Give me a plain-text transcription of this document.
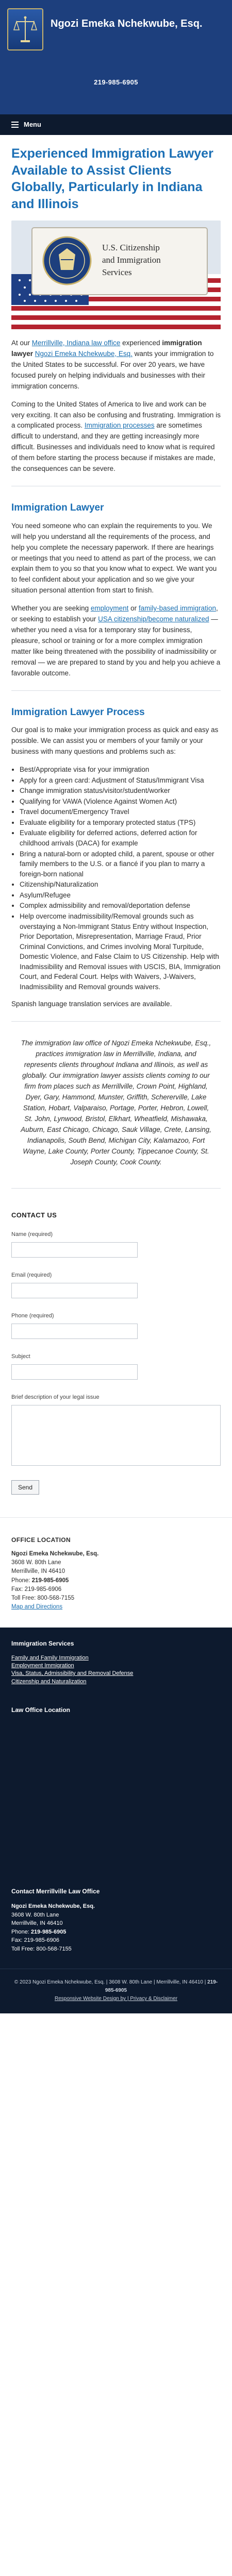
Ngozi Emeka Nchekwube, Esq.
219-985-6905
Menu
Experienced Immigration Lawyer Available to Assist Clients Globally, Particularly in Indiana and Illinois
U.S. Citizenship and Immigration Services

At our Merrillville, Indiana law office experienced immigration lawyer Ngozi Emeka Nchekwube, Esq. wants your immigration to the United States to be successful. For over 20 years, we have focused purely on helping individuals and businesses with their immigration concerns.

Coming to the United States of America to live and work can be very exciting. It can also be confusing and frustrating. Immigration is a complicated process. Immigration processes are sometimes difficult to understand, and they are getting increasingly more difficult. Businesses and individuals need to know what is required of them before starting the process because if mistakes are made, the consequences can be severe.

Immigration Lawyer

You need someone who can explain the requirements to you. We will help you understand all the requirements of the process, and help you complete the necessary paperwork. If there are hearings or meetings that you need to attend as part of the process, we can explain them to you so that you know what to expect. We want you to feel confident about your application and so we give your situation personal attention from start to finish.

Whether you are seeking employment or family-based immigration, or seeking to establish your USA citizenship/become naturalized — whether you need a visa for a temporary stay for business, pleasure, school or training or for a more complex immigration matter like being threatened with the possibility of inadmissibility or removal — we are prepared to stand by you and help you achieve a favorable outcome.

Immigration Lawyer Process

Our goal is to make your immigration process as quick and easy as possible. We can assist you or members of your family or your business with many questions and problems such as:

• Best/Appropriate visa for your immigration
• Apply for a green card: Adjustment of Status/Immigrant Visa
• Change immigration status/visitor/student/worker
• Qualifying for VAWA (Violence Against Women Act)
• Travel document/Emergency Travel
• Evaluate eligibility for a temporary protected status (TPS)
• Evaluate eligibility for deferred actions, deferred action for childhood arrivals (DACA) for example
• Bring a natural-born or adopted child, a parent, spouse or other family members to the U.S. or a fiancé if you plan to marry a foreign-born national
• Citizenship/Naturalization
• Asylum/Refugee
• Complex admissibility and removal/deportation defense
• Help overcome inadmissibility/Removal grounds such as overstaying a Non-Immigrant Status Entry without Inspection, Prior Deportation, Misrepresentation, Marriage Fraud, Prior Criminal Convictions, and Crimes involving Moral Turpitude, Domestic Violence, and False Claim to US Citizenship. Help with Inadmissibility and Removal issues with USCIS, BIA, Immigration Court, and Federal Court. Helps with Waivers, J-Waivers, Inadmissibility and Removal grounds waivers.

Spanish language translation services are available.

The immigration law office of Ngozi Emeka Nchekwube, Esq., practices immigration law in Merrillville, Indiana, and represents clients throughout Indiana and Illinois, as well as globally. Our immigration lawyer assists clients coming to our firm from places such as Merrillville, Crown Point, Highland, Dyer, Gary, Hammond, Munster, Griffith, Schererville, Lake Station, Hobart, Valparaiso, Portage, Porter, Hebron, Lowell, St. John, Lynwood, Bristol, Elkhart, Wheatfield, Mishawaka, Auburn, East Chicago, Chicago, Sauk Village, Crete, Lansing, Indianapolis, South Bend, Michigan City, Kalamazoo, Fort Wayne, Lake County, Porter County, Tippecanoe County, St. Joseph County, Cook County.

CONTACT US
Name (required)
Email (required)
Phone (required)
Subject
Brief description of your legal issue
Send
OFFICE LOCATION
Ngozi Emeka Nchekwube, Esq.
3608 W. 80th Lane
Merrillville, IN 46410
Phone: 219-985-6905
Fax: 219-985-6906
Toll Free: 800-568-7155
Map and Directions
Immigration Services
Family and Family Immigration
Employment Immigration
Visa, Status, Admissibility and Removal Defense
Citizenship and Naturalization
Law Office Location
Contact Merrillville Law Office
Ngozi Emeka Nchekwube, Esq.
3608 W. 80th Lane
Merrillville, IN 46410
Phone: 219-985-6905
Fax: 219-985-6906
Toll Free: 800-568-7155
© 2023 Ngozi Emeka Nchekwube, Esq. | 3608 W. 80th Lane | Merrillville, IN 46410 | 219-985-6905
Responsive Website Design by | Privacy & Disclaimer
